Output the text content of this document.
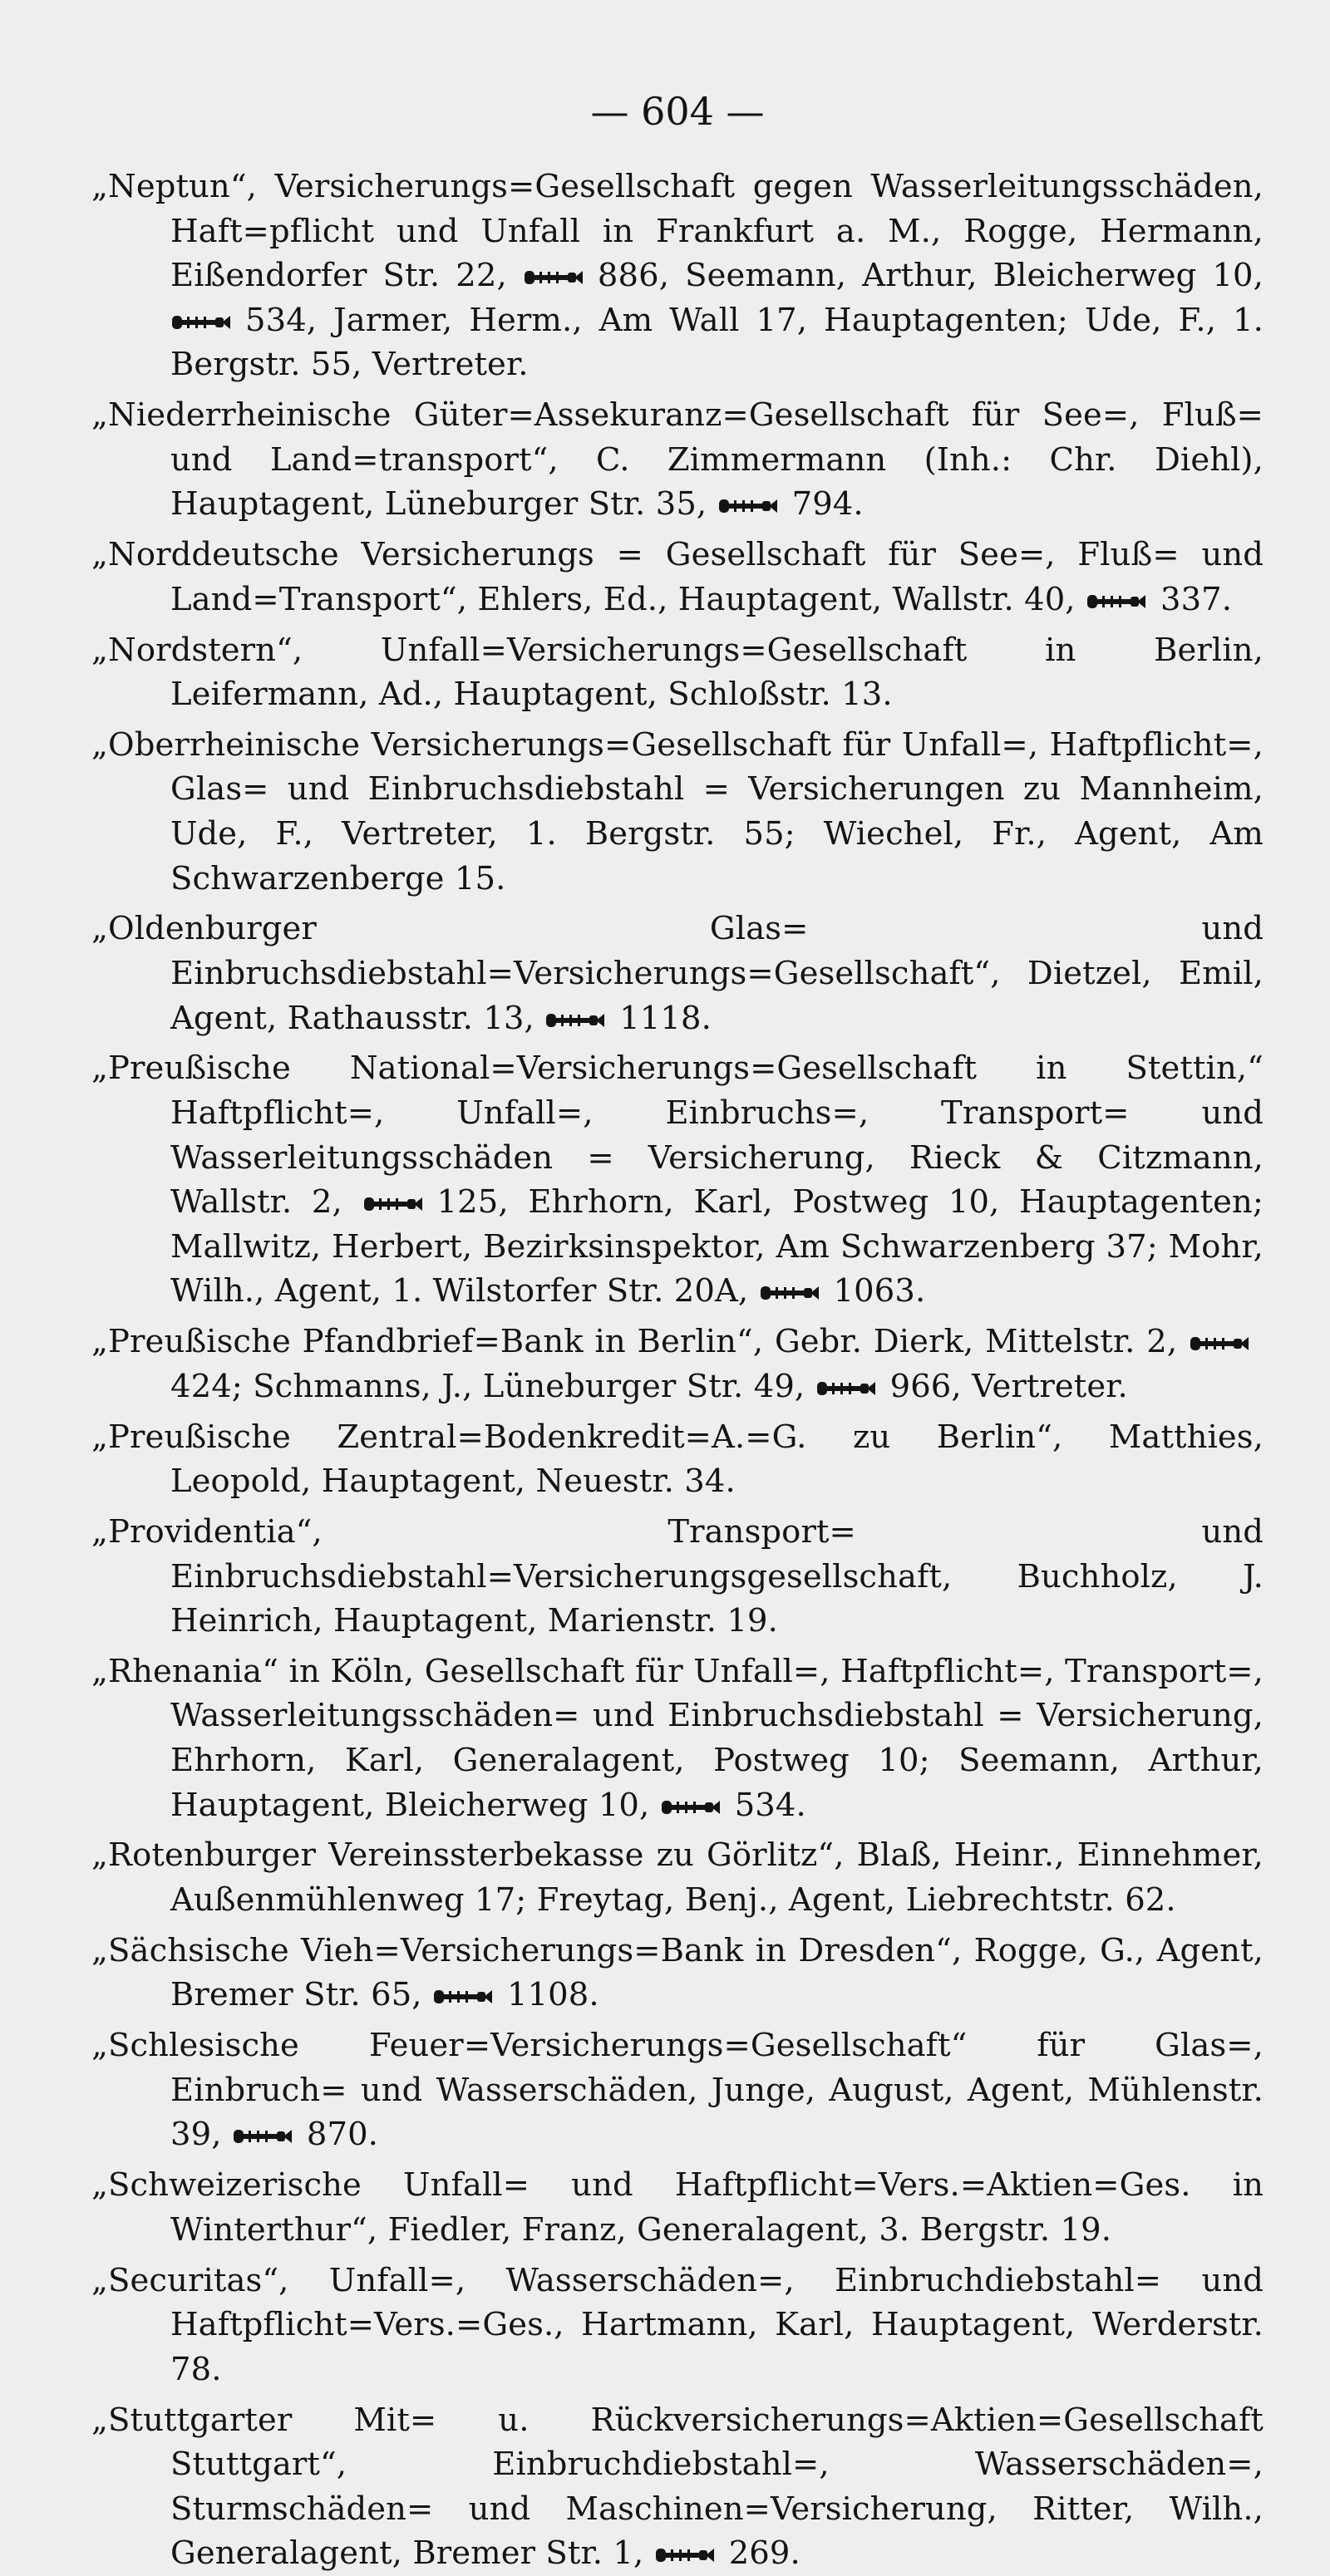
— 604 —
„Neptun“, Versicherungs=Gesellschaft gegen Wasserleitungsschäden, Haft=pflicht und Unfall in Frankfurt a. M., Rogge, Hermann, Eißendorfer Str. 22,
886, Seemann, Arthur, Bleicherweg 10,
534, Jarmer, Herm., Am Wall 17, Hauptagenten; Ude, F., 1. Bergstr. 55, Vertreter.
„Niederrheinische Güter=Assekuranz=Gesellschaft für See=, Fluß= und Land=transport“, C. Zimmermann (Inh.: Chr. Diehl), Hauptagent, Lüneburger Str. 35,
794.
„Norddeutsche Versicherungs = Gesellschaft für See=, Fluß= und Land=Transport“, Ehlers, Ed., Hauptagent, Wallstr. 40,
337.
„Nordstern“, Unfall=Versicherungs=Gesellschaft in Berlin, Leifermann, Ad., Hauptagent, Schloßstr. 13.
„Oberrheinische Versicherungs=Gesellschaft für Unfall=, Haftpflicht=, Glas= und Einbruchsdiebstahl = Versicherungen zu Mannheim, Ude, F., Vertreter, 1. Bergstr. 55; Wiechel, Fr., Agent, Am Schwarzenberge 15.
„Oldenburger Glas= und Einbruchsdiebstahl=Versicherungs=Gesellschaft“, Dietzel, Emil, Agent, Rathausstr. 13,
1118.
„Preußische National=Versicherungs=Gesellschaft in Stettin,“ Haftpflicht=, Unfall=, Einbruchs=, Transport= und Wasserleitungsschäden = Versicherung, Rieck & Citzmann, Wallstr. 2,
125, Ehrhorn, Karl, Postweg 10, Hauptagenten; Mallwitz, Herbert, Bezirksinspektor, Am Schwarzenberg 37; Mohr, Wilh., Agent, 1. Wilstorfer Str. 20A,
1063.
„Preußische Pfandbrief=Bank in Berlin“, Gebr. Dierk, Mittelstr. 2,
424; Schmanns, J., Lüneburger Str. 49,
966, Vertreter.
„Preußische Zentral=Bodenkredit=A.=G. zu Berlin“, Matthies, Leopold, Hauptagent, Neuestr. 34.
„Providentia“, Transport= und Einbruchsdiebstahl=Versicherungsgesellschaft, Buchholz, J. Heinrich, Hauptagent, Marienstr. 19.
„Rhenania“ in Köln, Gesellschaft für Unfall=, Haftpflicht=, Transport=, Wasserleitungsschäden= und Einbruchsdiebstahl = Versicherung, Ehrhorn, Karl, Generalagent, Postweg 10; Seemann, Arthur, Hauptagent, Bleicherweg 10,
534.
„Rotenburger Vereinssterbekasse zu Görlitz“, Blaß, Heinr., Einnehmer, Außenmühlenweg 17; Freytag, Benj., Agent, Liebrechtstr. 62.
„Sächsische Vieh=Versicherungs=Bank in Dresden“, Rogge, G., Agent, Bremer Str. 65,
1108.
„Schlesische Feuer=Versicherungs=Gesellschaft“ für Glas=, Einbruch= und Wasserschäden, Junge, August, Agent, Mühlenstr. 39,
870.
„Schweizerische Unfall= und Haftpflicht=Vers.=Aktien=Ges. in Winterthur“, Fiedler, Franz, Generalagent, 3. Bergstr. 19.
„Securitas“, Unfall=, Wasserschäden=, Einbruchdiebstahl= und Haftpflicht=Vers.=Ges., Hartmann, Karl, Hauptagent, Werderstr. 78.
„Stuttgarter Mit= u. Rückversicherungs=Aktien=Gesellschaft Stuttgart“, Einbruchdiebstahl=, Wasserschäden=, Sturmschäden= und Maschinen=Versicherung, Ritter, Wilh., Generalagent, Bremer Str. 1,
269.
